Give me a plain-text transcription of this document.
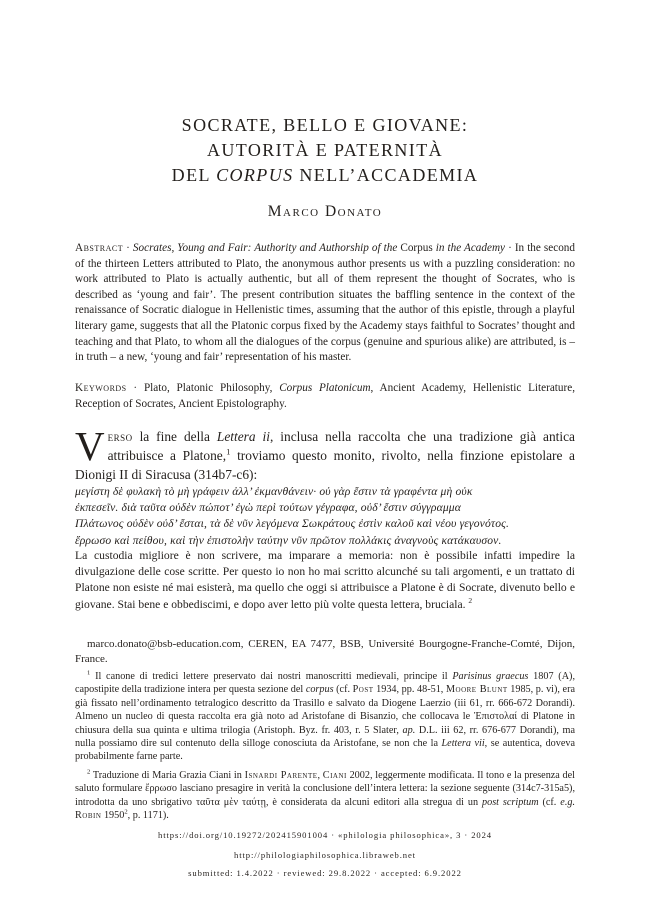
SOCRATE, BELLO E GIOVANE:
AUTORITÀ E PATERNITÀ
DEL CORPUS NELL’ACCADEMIA
Marco Donato
Abstract · Socrates, Young and Fair: Authority and Authorship of the Corpus in the Academy · In the second of the thirteen Letters attributed to Plato, the anonymous author presents us with a puzzling consideration: no work attributed to Plato is actually authentic, but all of them represent the thought of Socrates, who is described as ‘young and fair’. The present contribution situates the baffling sentence in the context of the renaissance of Socratic dialogue in Hellenistic times, assuming that the author of this epistle, through a playful literary game, suggests that all the Platonic corpus fixed by the Academy stays faithful to Socrates’ thought and teaching and that Plato, to whom all the dialogues of the corpus (genuine and spurious alike) are attributed, is – in truth – a new, ‘young and fair’ representation of his master.
Keywords · Plato, Platonic Philosophy, Corpus Platonicum, Ancient Academy, Hellenistic Literature, Reception of Socrates, Ancient Epistolography.
Verso la fine della Lettera ii, inclusa nella raccolta che una tradizione già antica attribuisce a Platone,$^1$ troviamo questo monito, rivolto, nella finzione epistolare a Dionigi II di Siracusa (314b7-c6):
μεγίστη δὲ φυλακὴ τὸ μὴ γράφειν ἀλλ’ ἐκμανθάνειν· οὐ γὰρ ἔστιν τὰ γραφέντα μὴ οὐκ
ἐκπεσεῖν. διὰ ταῦτα οὐδὲν πώποτ’ ἐγὼ περὶ τούτων γέγραφα, οὐδ’ ἔστιν σύγγραμμα
Πλάτωνος οὐδὲν οὐδ’ ἔσται, τὰ δὲ νῦν λεγόμενα Σωκράτους ἐστὶν καλοῦ καὶ νέου γεγονότος.
ἔρρωσο καὶ πείθου, καὶ τὴν ἐπιστολὴν ταύτην νῦν πρῶτον πολλάκις ἀναγνοὺς κατάκαυσον.
La custodia migliore è non scrivere, ma imparare a memoria: non è possibile infatti impedire la divulgazione delle cose scritte. Per questo io non ho mai scritto alcunché su tali argomenti, e un trattato di Platone non esiste né mai esisterà, ma quello che oggi si attribuisce a Platone è di Socrate, divenuto bello e giovane. Stai bene e obbediscimi, e dopo aver letto più volte questa lettera, bruciala. $^2$
marco.donato@bsb-education.com, CEREN, EA 7477, BSB, Université Bourgogne-Franche-Comté, Dijon, France.
$^1$ Il canone di tredici lettere preservato dai nostri manoscritti medievali, principe il Parisinus graecus 1807 (A), capostipite della tradizione intera per questa sezione del corpus (cf. Post 1934, pp. 48-51, Moore Blunt 1985, p. vi), era già fissato nell’ordinamento tetralogico descritto da Trasillo e salvato da Diogene Laerzio (iii 61, rr. 666-672 Dorandi). Almeno un nucleo di questa raccolta era già noto ad Aristofane di Bisanzio, che collocava le Ἐπιστολαί di Platone in chiusura della sua quinta e ultima trilogia (Aristoph. Byz. fr. 403, r. 5 Slater, ap. D.L. iii 62, rr. 676-677 Dorandi), ma nulla possiamo dire sul contenuto della silloge conosciuta da Aristofane, se non che la Lettera vii, se autentica, doveva probabilmente farne parte.
$^2$ Traduzione di Maria Grazia Ciani in Isnardi Parente, Ciani 2002, leggermente modificata. Il tono e la presenza del saluto formulare ἔρρωσο lasciano presagire in verità la conclusione dell’intera lettera: la sezione seguente (314c7-315a5), introdotta da uno sbrigativo ταῦτα μὲν ταύτῃ, è considerata da alcuni editori alla stregua di un post scriptum (cf. e.g. Robin 1950$^2$, p. 1171).
https://doi.org/10.19272/202415901004 · «philologia philosophica», 3 · 2024
http://philologiaphilosophica.libraweb.net
submitted: 1.4.2022 · reviewed: 29.8.2022 · accepted: 6.9.2022
